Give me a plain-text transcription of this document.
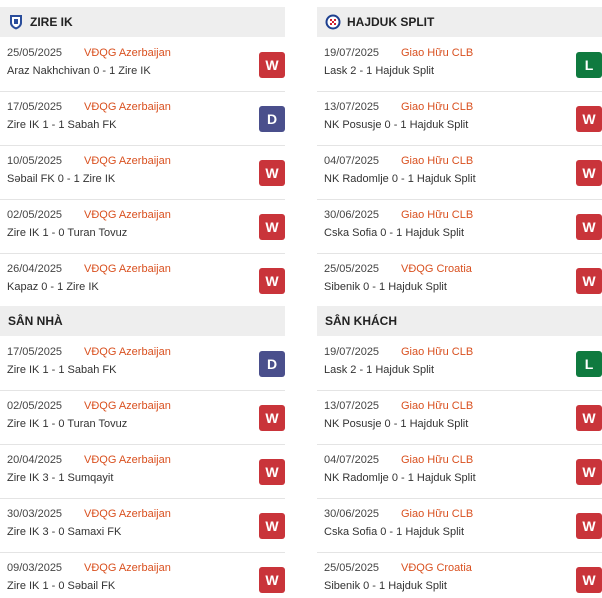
ZIRE IK
25/05/2025 VĐQG Azerbaijan
Araz Nakhchivan 0 - 1 Zire IK	W
17/05/2025 VĐQG Azerbaijan
Zire IK 1 - 1 Sabah FK	D
10/05/2025 VĐQG Azerbaijan
Səbail FK 0 - 1 Zire IK	W
02/05/2025 VĐQG Azerbaijan
Zire IK 1 - 0 Turan Tovuz	W
26/04/2025 VĐQG Azerbaijan
Kapaz 0 - 1 Zire IK	W
HAJDUK SPLIT
19/07/2025 Giao Hữu CLB
Lask 2 - 1 Hajduk Split	L
13/07/2025 Giao Hữu CLB
NK Posusje 0 - 1 Hajduk Split	W
04/07/2025 Giao Hữu CLB
NK Radomlje 0 - 1 Hajduk Split	W
30/06/2025 Giao Hữu CLB
Cska Sofia 0 - 1 Hajduk Split	W
25/05/2025 VĐQG Croatia
Sibenik 0 - 1 Hajduk Split	W
SÂN NHÀ
17/05/2025 VĐQG Azerbaijan
Zire IK 1 - 1 Sabah FK	D
02/05/2025 VĐQG Azerbaijan
Zire IK 1 - 0 Turan Tovuz	W
20/04/2025 VĐQG Azerbaijan
Zire IK 3 - 1 Sumqayit	W
30/03/2025 VĐQG Azerbaijan
Zire IK 3 - 0 Samaxi FK	W
09/03/2025 VĐQG Azerbaijan
Zire IK 1 - 0 Səbail FK	W
SÂN KHÁCH
19/07/2025 Giao Hữu CLB
Lask 2 - 1 Hajduk Split	L
13/07/2025 Giao Hữu CLB
NK Posusje 0 - 1 Hajduk Split	W
04/07/2025 Giao Hữu CLB
NK Radomlje 0 - 1 Hajduk Split	W
30/06/2025 Giao Hữu CLB
Cska Sofia 0 - 1 Hajduk Split	W
25/05/2025 VĐQG Croatia
Sibenik 0 - 1 Hajduk Split	W
